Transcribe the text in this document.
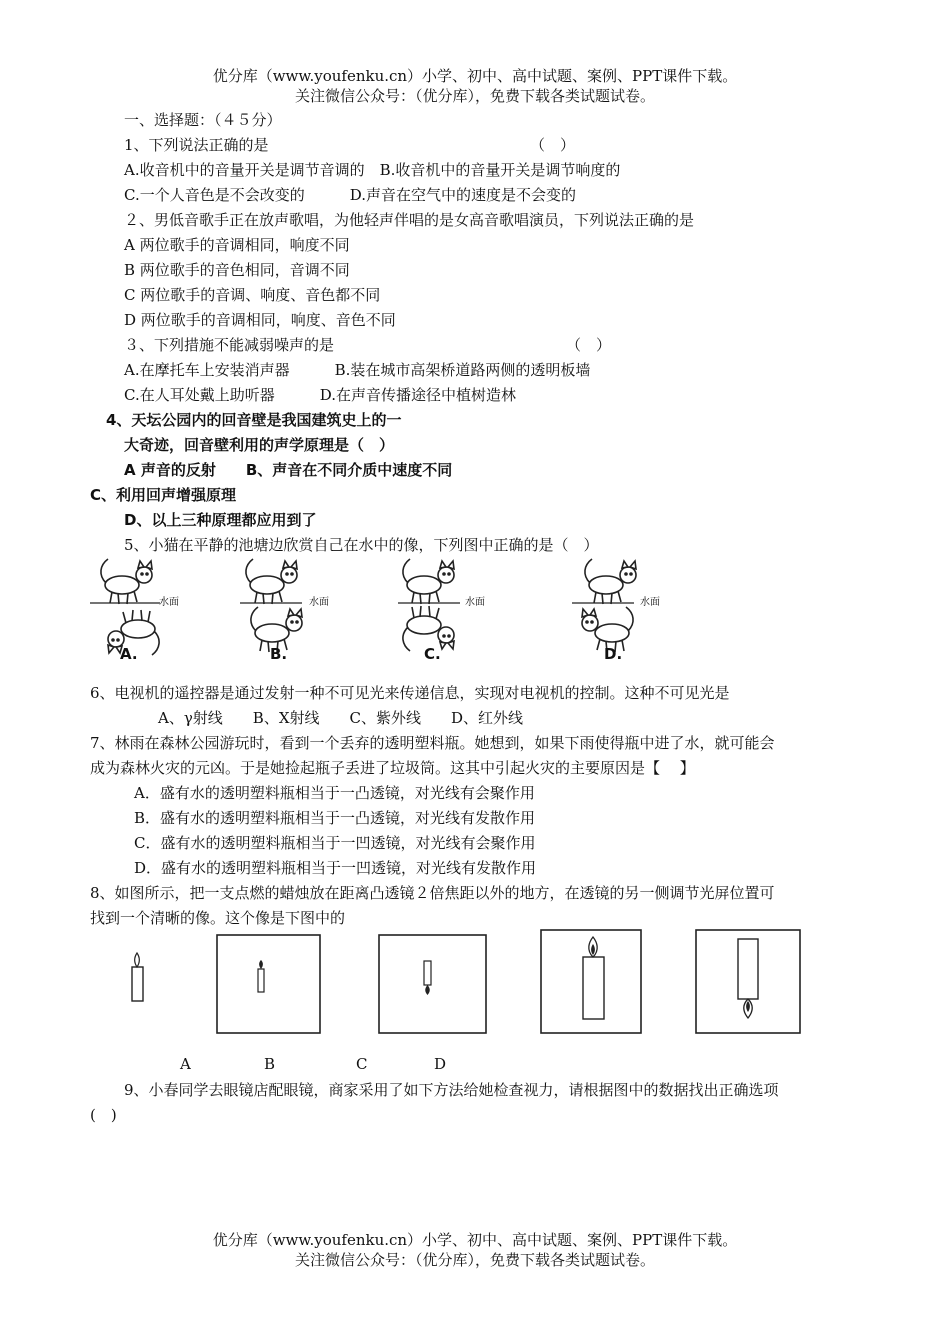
优分库（www.youfenku.cn）小学、初中、高中试题、案例、PPT课件下载。
关注微信公众号：（优分库），免费下载各类试题试卷。
一、选择题：（４５分）
1、下列说法正确的是	（　）
A.收音机中的音量开关是调节音调的　B.收音机中的音量开关是调节响度的
C.一个人音色是不会改变的　　　D.声音在空气中的速度是不会变的
２、男低音歌手正在放声歌唱，为他轻声伴唱的是女高音歌唱演员，下列说法正确的是
A 两位歌手的音调相同，响度不同
B 两位歌手的音色相同，音调不同
C 两位歌手的音调、响度、音色都不同
D 两位歌手的音调相同，响度、音色不同
３、下列措施不能减弱噪声的是	（　）
A.在摩托车上安装消声器　　　B.装在城市高架桥道路两侧的透明板墙
C.在人耳处戴上助听器　　　D.在声音传播途径中植树造林
4、天坛公园内的回音壁是我国建筑史上的一
大奇迹，回音壁利用的声学原理是（　）
A 声音的反射　　B、声音在不同介质中速度不同
C、利用回声增强原理
D、以上三种原理都应用到了
5、小猫在平静的池塘边欣赏自己在水中的像，下列图中正确的是（　）
水面	水面	水面	水面
A.	B.	C.	D.
6、电视机的遥控器是通过发射一种不可见光来传递信息，实现对电视机的控制。这种不可见光是
A、γ射线　　B、X射线　　C、紫外线　　D、红外线
7、林雨在森林公园游玩时，看到一个丢弃的透明塑料瓶。她想到，如果下雨使得瓶中进了水，就可能会
成为森林火灾的元凶。于是她捡起瓶子丢进了垃圾筒。这其中引起火灾的主要原因是【　 】
A．盛有水的透明塑料瓶相当于一凸透镜，对光线有会聚作用
B．盛有水的透明塑料瓶相当于一凸透镜，对光线有发散作用
C．盛有水的透明塑料瓶相当于一凹透镜，对光线有会聚作用
D．盛有水的透明塑料瓶相当于一凹透镜，对光线有发散作用
8、如图所示，把一支点燃的蜡烛放在距离凸透镜２倍焦距以外的地方，在透镜的另一侧调节光屏位置可
找到一个清晰的像。这个像是下图中的
A	B	C	D
9、小春同学去眼镜店配眼镜，商家采用了如下方法给她检查视力，请根据图中的数据找出正确选项
(　)
优分库（www.youfenku.cn）小学、初中、高中试题、案例、PPT课件下载。
关注微信公众号：（优分库），免费下载各类试题试卷。
